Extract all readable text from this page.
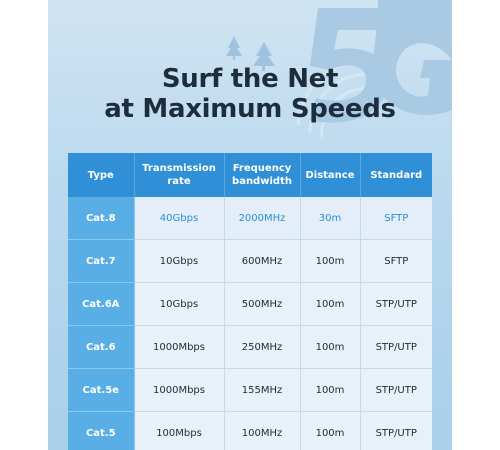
Surf the Net
at Maximum Speeds
Type	Transmission rate	Frequency bandwidth	Distance	Standard
Cat.8	40Gbps	2000MHz	30m	SFTP
Cat.7	10Gbps	600MHz	100m	SFTP
Cat.6A	10Gbps	500MHz	100m	STP/UTP
Cat.6	1000Mbps	250MHz	100m	STP/UTP
Cat.5e	1000Mbps	155MHz	100m	STP/UTP
Cat.5	100Mbps	100MHz	100m	STP/UTP
